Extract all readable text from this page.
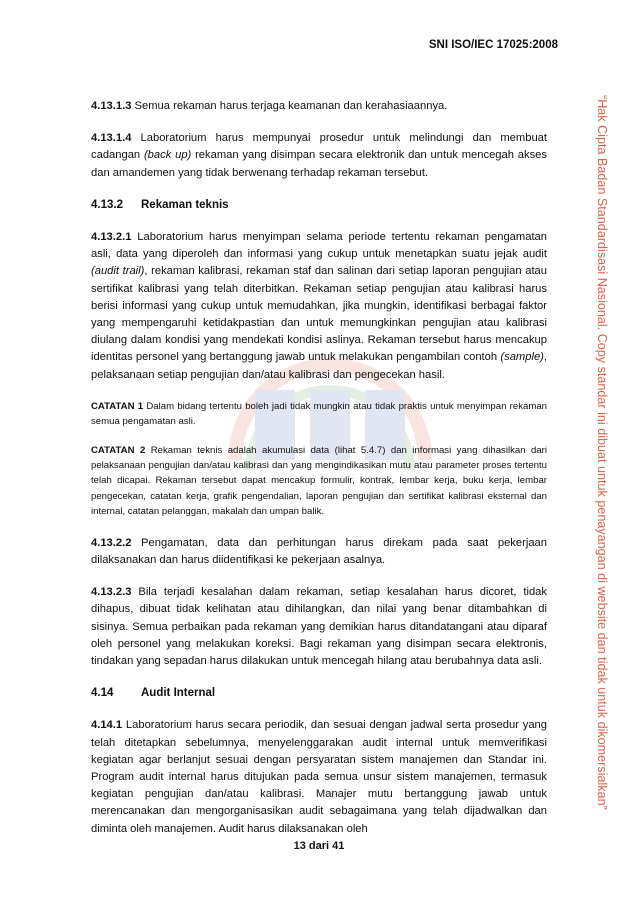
SNI ISO/IEC 17025:2008
“Hak Cipta Badan Standardisasi Nasional. Copy standar ini dibuat untuk penayangan di website dan tidak untuk dikomersialkan”

4.13.1.3 Semua rekaman harus terjaga keamanan dan kerahasiaannya.

4.13.1.4 Laboratorium harus mempunyai prosedur untuk melindungi dan membuat cadangan (back up) rekaman yang disimpan secara elektronik dan untuk mencegah akses dan amandemen yang tidak berwenang terhadap rekaman tersebut.

4.13.2 Rekaman teknis

4.13.2.1 Laboratorium harus menyimpan selama periode tertentu rekaman pengamatan asli, data yang diperoleh dan informasi yang cukup untuk menetapkan suatu jejak audit (audit trail), rekaman kalibrasi, rekaman staf dan salinan dari setiap laporan pengujian atau sertifikat kalibrasi yang telah diterbitkan. Rekaman setiap pengujian atau kalibrasi harus berisi informasi yang cukup untuk memudahkan, jika mungkin, identifikasi berbagai faktor yang mempengaruhi ketidakpastian dan untuk memungkinkan pengujian atau kalibrasi diulang dalam kondisi yang mendekati kondisi aslinya. Rekaman tersebut harus mencakup identitas personel yang bertanggung jawab untuk melakukan pengambilan contoh (sample), pelaksanaan setiap pengujian dan/atau kalibrasi dan pengecekan hasil.

CATATAN 1 Dalam bidang tertentu boleh jadi tidak mungkin atau tidak praktis untuk menyimpan rekaman semua pengamatan asli.

CATATAN 2 Rekaman teknis adalah akumulasi data (lihat 5.4.7) dan informasi yang dihasilkan dari pelaksanaan pengujian dan/atau kalibrasi dan yang mengindikasikan mutu atau parameter proses tertentu telah dicapai. Rekaman tersebut dapat mencakup formulir, kontrak, lembar kerja, buku kerja, lembar pengecekan, catatan kerja, grafik pengendalian, laporan pengujian dan sertifikat kalibrasi eksternal dan internal, catatan pelanggan, makalah dan umpan balik.

4.13.2.2 Pengamatan, data dan perhitungan harus direkam pada saat pekerjaan dilaksanakan dan harus diidentifikasi ke pekerjaan asalnya.

4.13.2.3 Bila terjadi kesalahan dalam rekaman, setiap kesalahan harus dicoret, tidak dihapus, dibuat tidak kelihatan atau dihilangkan, dan nilai yang benar ditambahkan di sisinya. Semua perbaikan pada rekaman yang demikian harus ditandatangani atau diparaf oleh personel yang melakukan koreksi. Bagi rekaman yang disimpan secara elektronis, tindakan yang sepadan harus dilakukan untuk mencegah hilang atau berubahnya data asli.

4.14 Audit Internal

4.14.1 Laboratorium harus secara periodik, dan sesuai dengan jadwal serta prosedur yang telah ditetapkan sebelumnya, menyelenggarakan audit internal untuk memverifikasi kegiatan agar berlanjut sesuai dengan persyaratan sistem manajemen dan Standar ini. Program audit internal harus ditujukan pada semua unsur sistem manajemen, termasuk kegiatan pengujian dan/atau kalibrasi. Manajer mutu bertanggung jawab untuk merencanakan dan mengorganisasikan audit sebagaimana yang telah dijadwalkan dan diminta oleh manajemen. Audit harus dilaksanakan oleh

13 dari 41
